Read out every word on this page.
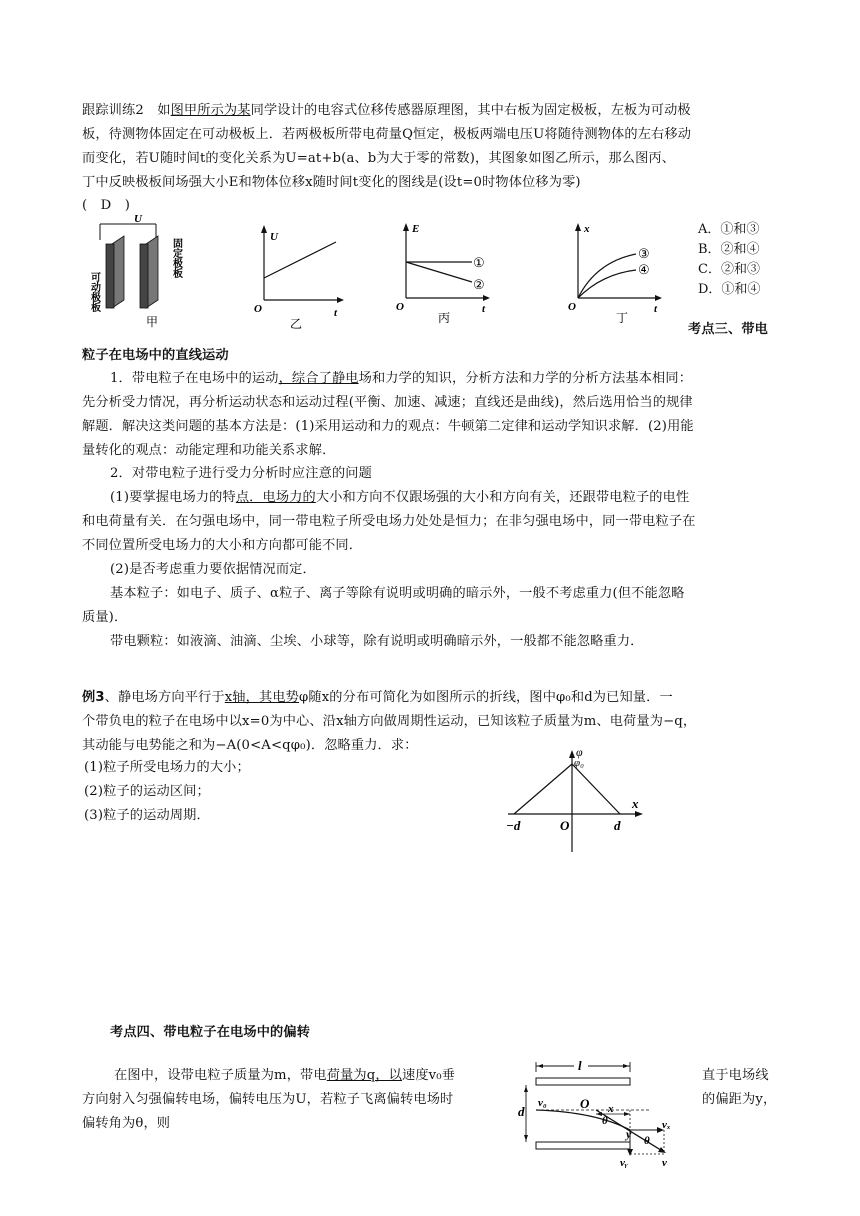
跟踪训练2　如图甲所示为某同学设计的电容式位移传感器原理图，其中右板为固定极板，左板为可动极
板，待测物体固定在可动极板上．若两极板所带电荷量Q恒定，极板两端电压U将随待测物体的左右移动
而变化，若U随时间t的变化关系为U=at+b(a、b为大于零的常数)，其图象如图乙所示，那么图丙、
丁中反映极板间场强大小E和物体位移x随时间t变化的图线是(设t=0时物体位移为零)
(　D　)
U
可动极板
固定极板
甲
U
t
O
乙
①
②
E
t
O
丙
③
④
x
t
O
丁
A．①和③
B．②和④
C．②和③
D．①和④
考点三、带电
粒子在电场中的直线运动
1．带电粒子在电场中的运动，综合了静电场和力学的知识，分析方法和力学的分析方法基本相同：
先分析受力情况，再分析运动状态和运动过程(平衡、加速、减速；直线还是曲线)，然后选用恰当的规律
解题．解决这类问题的基本方法是：(1)采用运动和力的观点：牛顿第二定律和运动学知识求解．(2)用能
量转化的观点：动能定理和功能关系求解．
2．对带电粒子进行受力分析时应注意的问题
(1)要掌握电场力的特点．电场力的大小和方向不仅跟场强的大小和方向有关，还跟带电粒子的电性
和电荷量有关．在匀强电场中，同一带电粒子所受电场力处处是恒力；在非匀强电场中，同一带电粒子在
不同位置所受电场力的大小和方向都可能不同．
(2)是否考虑重力要依据情况而定．
基本粒子：如电子、质子、α粒子、离子等除有说明或明确的暗示外，一般不考虑重力(但不能忽略
质量)．
带电颗粒：如液滴、油滴、尘埃、小球等，除有说明或明确暗示外，一般都不能忽略重力．
例3、静电场方向平行于x轴，其电势φ随x的分布可简化为如图所示的折线，图中φ₀和d为已知量．一
个带负电的粒子在电场中以x=0为中心、沿x轴方向做周期性运动，已知该粒子质量为m、电荷量为−q，
其动能与电势能之和为−A(0<A<qφ₀)．忽略重力．求：
(1)粒子所受电场力的大小；
(2)粒子的运动区间；
(3)粒子的运动周期．
φ
φ₀
x
−d	O	d
考点四、带电粒子在电场中的偏转
在图中，设带电粒子质量为m，带电荷量为q，以速度v₀垂	直于电场线
方向射入匀强偏转电场，偏转电压为U，若粒子飞离偏转电场时	的偏距为y，
偏转角为θ，则
l
d
v₀	O x
θ
y θ
vₓ
vᵧ	v
